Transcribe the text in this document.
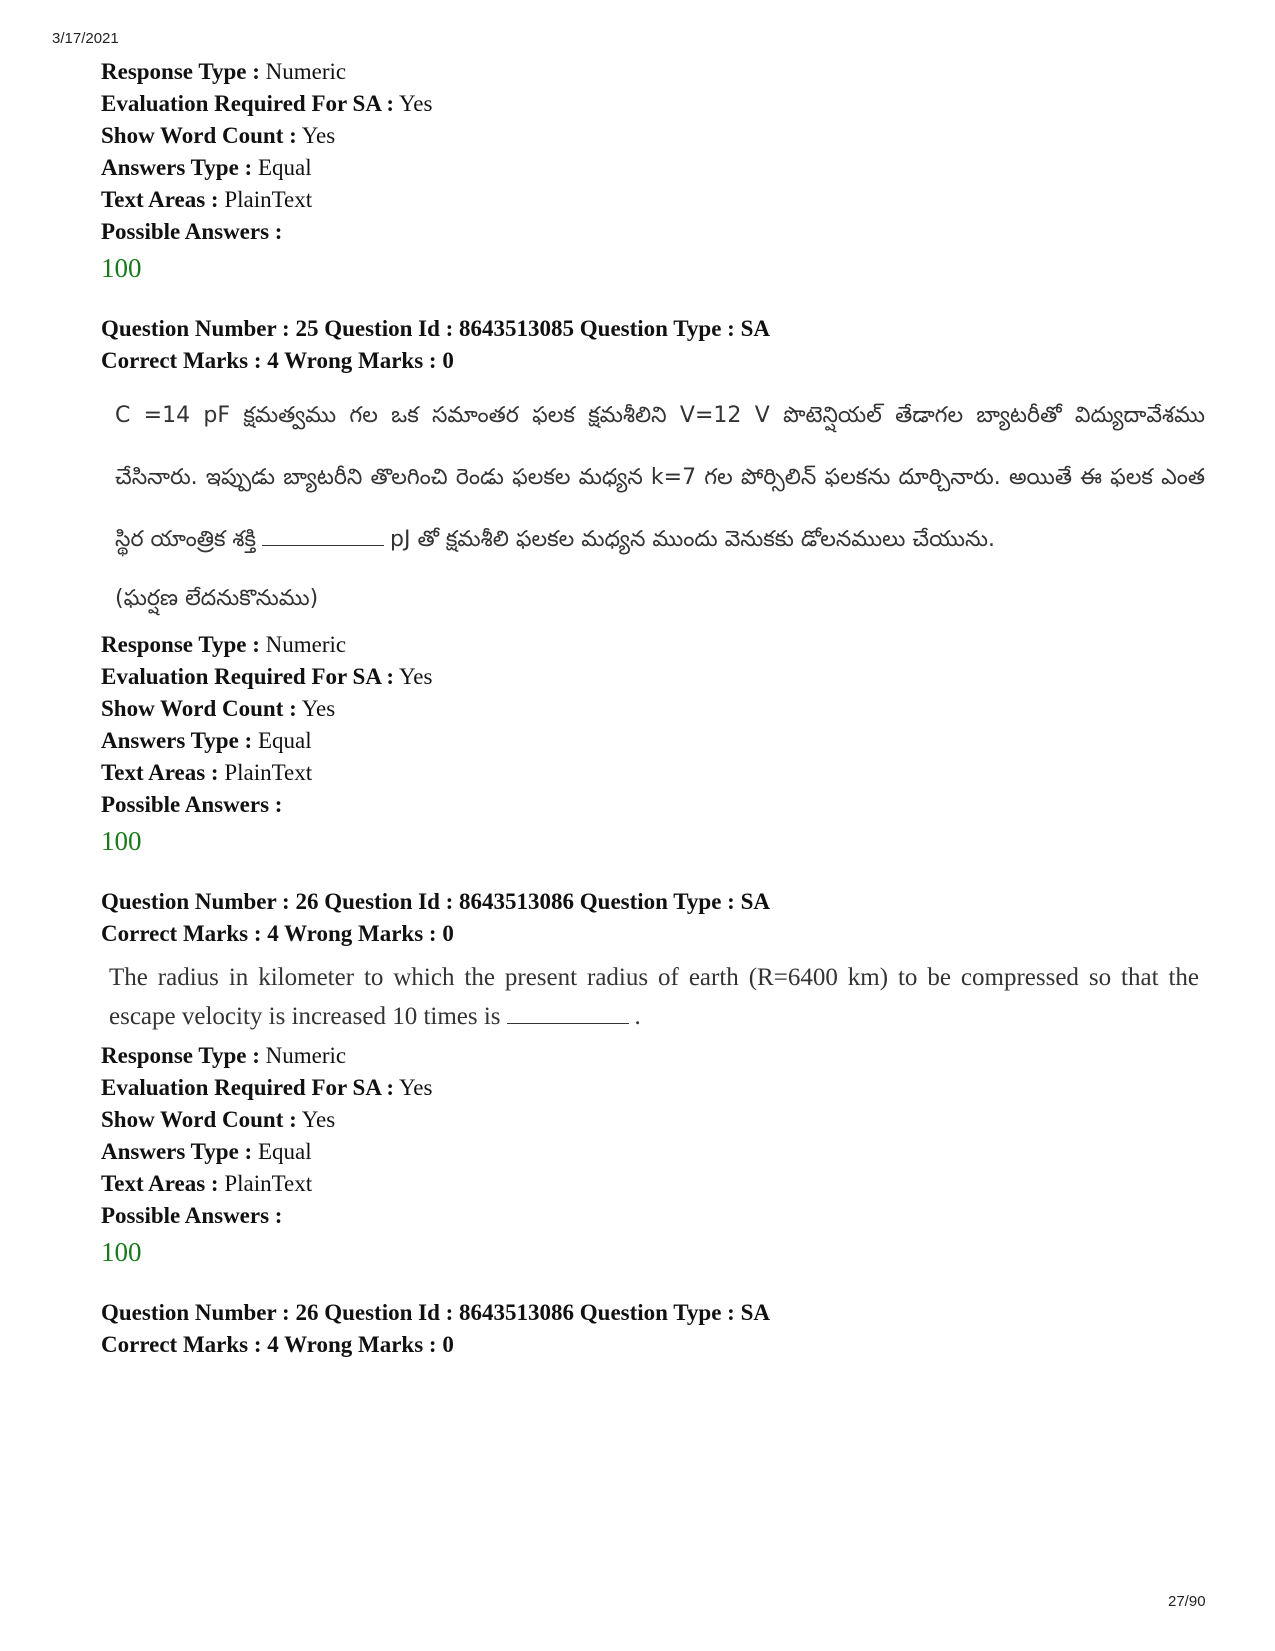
3/17/2021
Response Type : Numeric
Evaluation Required For SA : Yes
Show Word Count : Yes
Answers Type : Equal
Text Areas : PlainText
Possible Answers :
100
Question Number : 25 Question Id : 8643513085 Question Type : SA
Correct Marks : 4 Wrong Marks : 0
C =14 pF క్షమత్వము గల ఒక సమాంతర ఫలక క్షమశీలిని V=12 V పొటెన్షియల్ తేడాగల బ్యాటరీతో విద్యుదావేశము చేసినారు. ఇప్పుడు బ్యాటరీని తొలగించి రెండు ఫలకల మధ్యన k=7 గల పోర్సిలిన్ ఫలకను దూర్చినారు. అయితే ఈ ఫలక ఎంత స్థిర యాంత్రిక శక్తి	pJ తో క్షమశీలి ఫలకల మధ్యన ముందు వెనుకకు డోలనములు చేయును.
(ఘర్షణ లేదనుకొనుము)
Response Type : Numeric
Evaluation Required For SA : Yes
Show Word Count : Yes
Answers Type : Equal
Text Areas : PlainText
Possible Answers :
100
Question Number : 26 Question Id : 8643513086 Question Type : SA
Correct Marks : 4 Wrong Marks : 0
The radius in kilometer to which the present radius of earth (R=6400 km) to be compressed so that the escape velocity is increased 10 times is	.
Response Type : Numeric
Evaluation Required For SA : Yes
Show Word Count : Yes
Answers Type : Equal
Text Areas : PlainText
Possible Answers :
100
Question Number : 26 Question Id : 8643513086 Question Type : SA
Correct Marks : 4 Wrong Marks : 0
27/90
